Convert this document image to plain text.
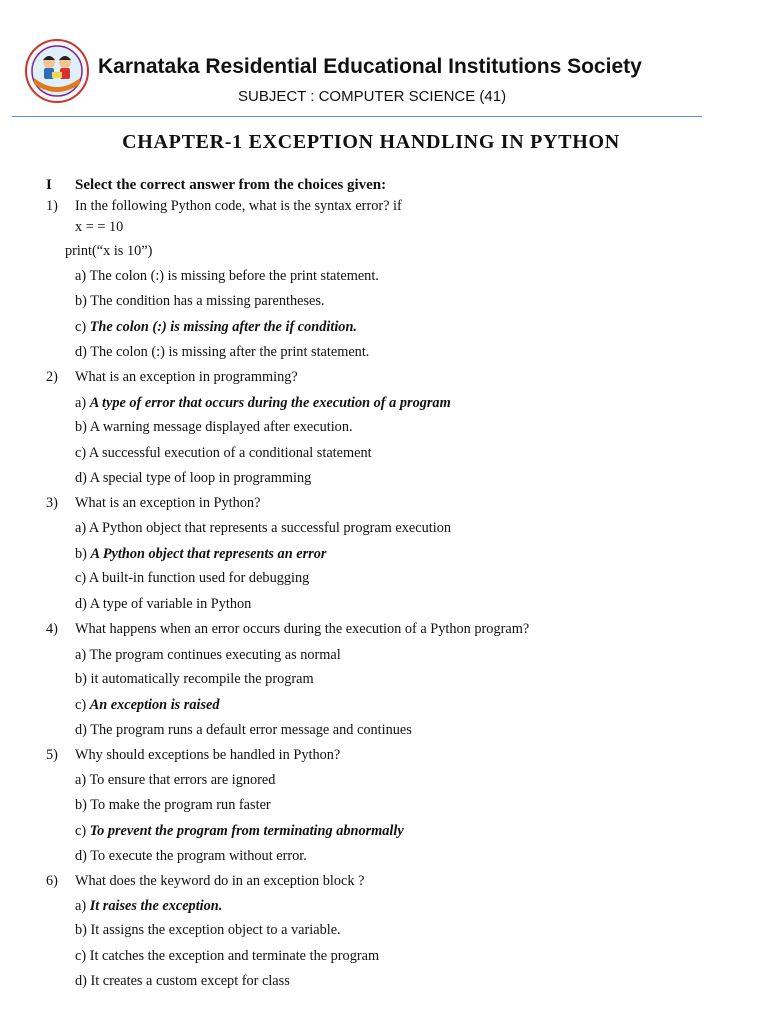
Karnataka Residential Educational Institutions Society
SUBJECT : COMPUTER SCIENCE (41)
CHAPTER-1 EXCEPTION HANDLING IN PYTHON
I Select the correct answer from the choices given:
1) In the following Python code, what is the syntax error? if
x = = 10
print(“x is 10”)
a) The colon (:) is missing before the print statement.
b) The condition has a missing parentheses.
c) The colon (:) is missing after the if condition.
d) The colon (:) is missing after the print statement.
2) What is an exception in programming?
a) A type of error that occurs during the execution of a program
b) A warning message displayed after execution.
c) A successful execution of a conditional statement
d) A special type of loop in programming
3) What is an exception in Python?
a) A Python object that represents a successful program execution
b) A Python object that represents an error
c) A built-in function used for debugging
d) A type of variable in Python
4) What happens when an error occurs during the execution of a Python program?
a) The program continues executing as normal
b) it automatically recompile the program
c) An exception is raised
d) The program runs a default error message and continues
5) Why should exceptions be handled in Python?
a) To ensure that errors are ignored
b) To make the program run faster
c) To prevent the program from terminating abnormally
d) To execute the program without error.
6) What does the keyword do in an exception block ?
a) It raises the exception.
b) It assigns the exception object to a variable.
c) It catches the exception and terminate the program
d) It creates a custom except for class
